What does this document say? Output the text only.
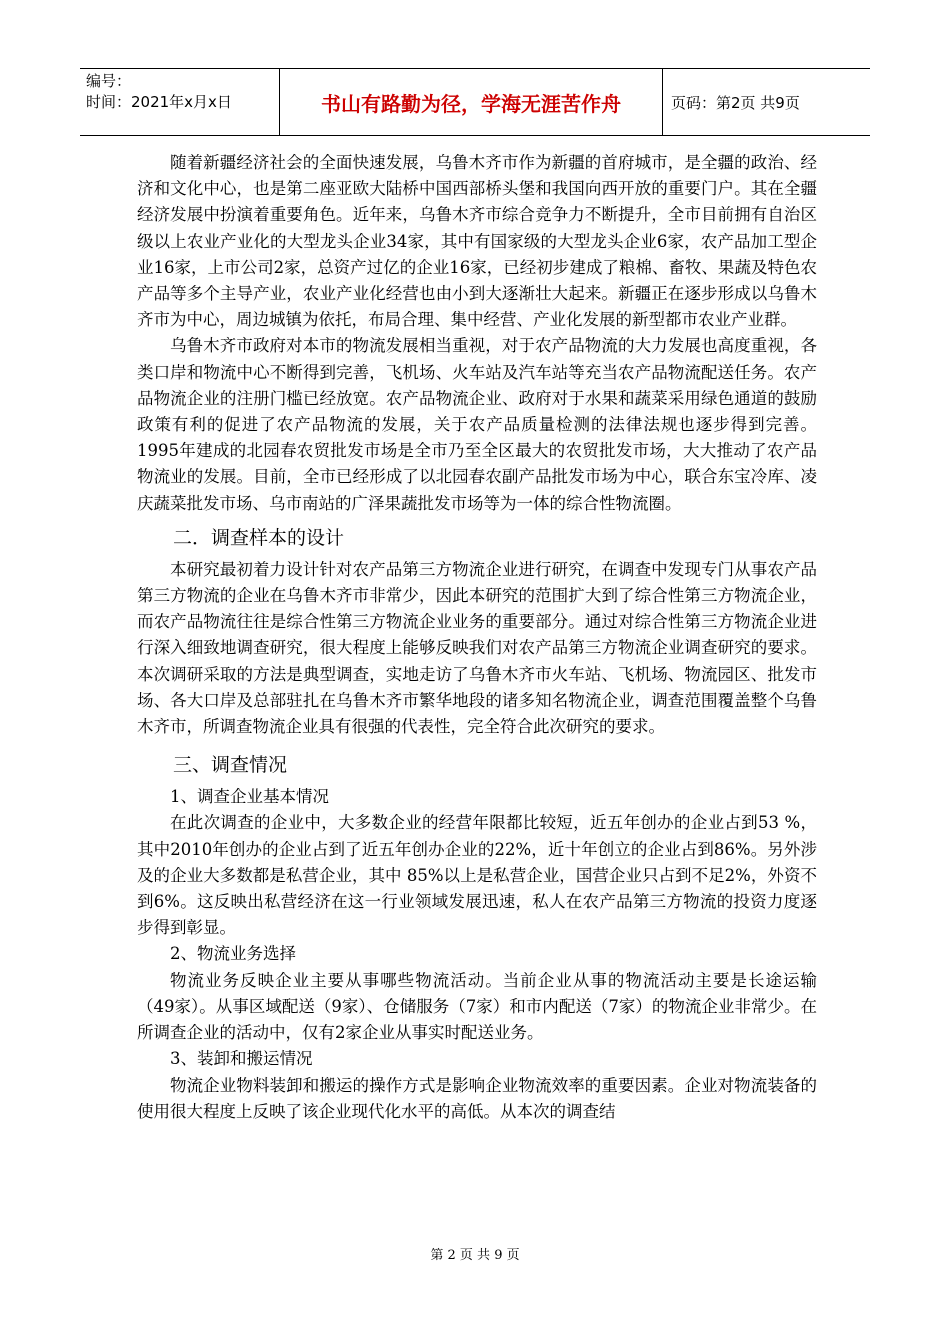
编号：
时间：2021年x月x日	书山有路勤为径，学海无涯苦作舟	页码：第2页 共9页

随着新疆经济社会的全面快速发展，乌鲁木齐市作为新疆的首府城市，是全疆的政治、经济和文化中心，也是第二座亚欧大陆桥中国西部桥头堡和我国向西开放的重要门户。其在全疆经济发展中扮演着重要角色。近年来，乌鲁木齐市综合竞争力不断提升，全市目前拥有自治区级以上农业产业化的大型龙头企业34家，其中有国家级的大型龙头企业6家，农产品加工型企业16家，上市公司2家，总资产过亿的企业16家，已经初步建成了粮棉、畜牧、果蔬及特色农产品等多个主导产业，农业产业化经营也由小到大逐渐壮大起来。新疆正在逐步形成以乌鲁木齐市为中心，周边城镇为依托，布局合理、集中经营、产业化发展的新型都市农业产业群。

乌鲁木齐市政府对本市的物流发展相当重视，对于农产品物流的大力发展也高度重视，各类口岸和物流中心不断得到完善，飞机场、火车站及汽车站等充当农产品物流配送任务。农产品物流企业的注册门槛已经放宽。农产品物流企业、政府对于水果和蔬菜采用绿色通道的鼓励政策有利的促进了农产品物流的发展，关于农产品质量检测的法律法规也逐步得到完善。1995年建成的北园春农贸批发市场是全市乃至全区最大的农贸批发市场，大大推动了农产品物流业的发展。目前，全市已经形成了以北园春农副产品批发市场为中心，联合东宝冷库、凌庆蔬菜批发市场、乌市南站的广泽果蔬批发市场等为一体的综合性物流圈。

二．调查样本的设计

本研究最初着力设计针对农产品第三方物流企业进行研究，在调查中发现专门从事农产品第三方物流的企业在乌鲁木齐市非常少，因此本研究的范围扩大到了综合性第三方物流企业，而农产品物流往往是综合性第三方物流企业业务的重要部分。通过对综合性第三方物流企业进行深入细致地调查研究，很大程度上能够反映我们对农产品第三方物流企业调查研究的要求。本次调研采取的方法是典型调查，实地走访了乌鲁木齐市火车站、飞机场、物流园区、批发市场、各大口岸及总部驻扎在乌鲁木齐市繁华地段的诸多知名物流企业，调查范围覆盖整个乌鲁木齐市，所调查物流企业具有很强的代表性，完全符合此次研究的要求。

三、调查情况
1、调查企业基本情况

在此次调查的企业中，大多数企业的经营年限都比较短，近五年创办的企业占到53 %，其中2010年创办的企业占到了近五年创办企业的22%，近十年创立的企业占到86%。另外涉及的企业大多数都是私营企业，其中 85%以上是私营企业，国营企业只占到不足2%，外资不到6%。这反映出私营经济在这一行业领域发展迅速，私人在农产品第三方物流的投资力度逐步得到彰显。

2、物流业务选择

物流业务反映企业主要从事哪些物流活动。当前企业从事的物流活动主要是长途运输（49家）。从事区域配送（9家）、仓储服务（7家）和市内配送（7家）的物流企业非常少。在所调查企业的活动中，仅有2家企业从事实时配送业务。

3、装卸和搬运情况

物流企业物料装卸和搬运的操作方式是影响企业物流效率的重要因素。企业对物流装备的使用很大程度上反映了该企业现代化水平的高低。从本次的调查结

第 2 页 共 9 页
